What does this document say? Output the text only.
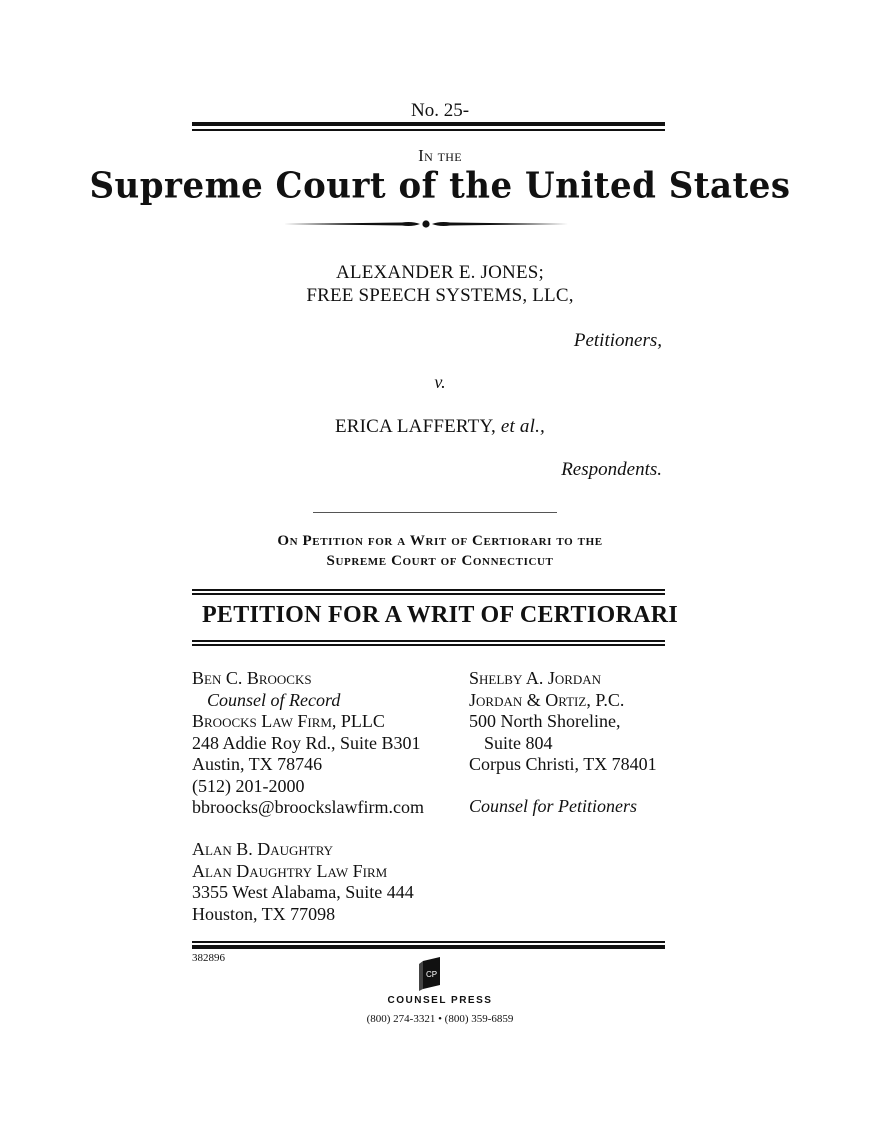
No. 25-
In the
Supreme Court of the United States
ALEXANDER E. JONES;
FREE SPEECH SYSTEMS, LLC,
Petitioners,
v.
ERICA LAFFERTY, et al.,
Respondents.
On Petition for a Writ of Certiorari to the
Supreme Court of Connecticut
PETITION FOR A WRIT OF CERTIORARI
Ben C. Broocks
Counsel of Record
Broocks Law Firm, PLLC
248 Addie Roy Rd., Suite B301
Austin, TX 78746
(512) 201-2000
bbroocks@broockslawfirm.com
Alan B. Daughtry
Alan Daughtry Law Firm
3355 West Alabama, Suite 444
Houston, TX 77098
Shelby A. Jordan
Jordan & Ortiz, P.C.
500 North Shoreline,
Suite 804
Corpus Christi, TX 78401
Counsel for Petitioners
382896
CP
COUNSEL PRESS
(800) 274-3321 • (800) 359-6859
